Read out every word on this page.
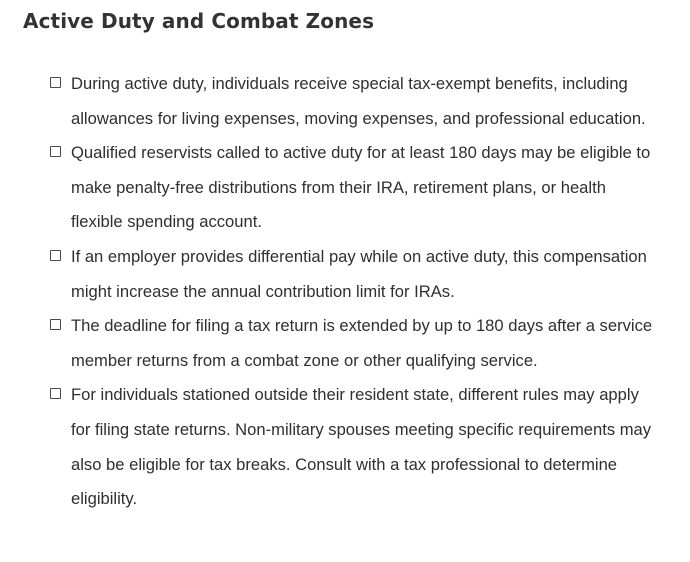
Active Duty and Combat Zones
During active duty, individuals receive special tax-exempt benefits, including allowances for living expenses, moving expenses, and professional education.
Qualified reservists called to active duty for at least 180 days may be eligible to make penalty-free distributions from their IRA, retirement plans, or health flexible spending account.
If an employer provides differential pay while on active duty, this compensation might increase the annual contribution limit for IRAs.
The deadline for filing a tax return is extended by up to 180 days after a service member returns from a combat zone or other qualifying service.
For individuals stationed outside their resident state, different rules may apply for filing state returns. Non-military spouses meeting specific requirements may also be eligible for tax breaks. Consult with a tax professional to determine eligibility.
